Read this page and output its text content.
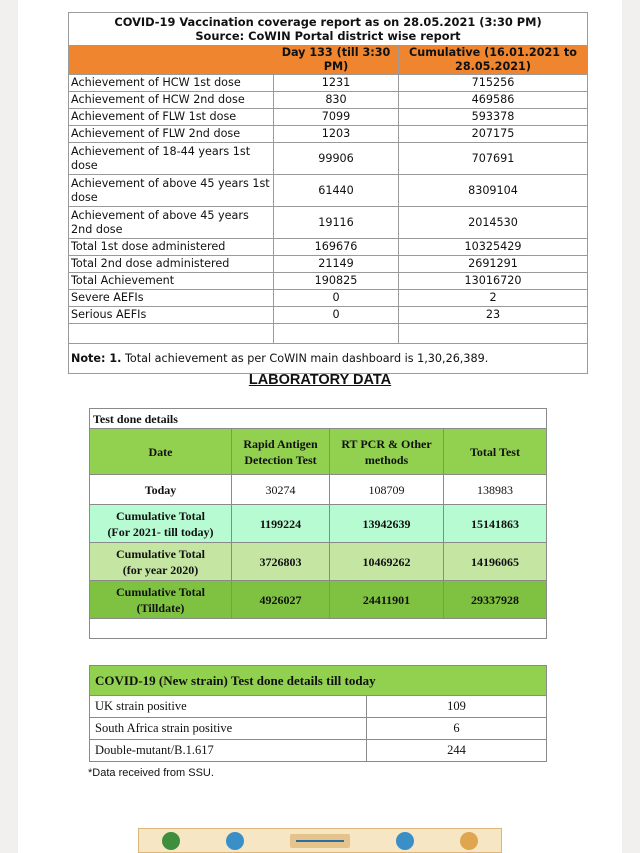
COVID-19 Vaccination coverage report as on 28.05.2021 (3:30 PM)
Source: CoWIN Portal district wise report		

	Day 133 (till 3:30 PM)	Cumulative (16.01.2021 to 28.05.2021)
Achievement of HCW 1st dose	1231	715256
Achievement of HCW 2nd dose	830	469586
Achievement of FLW 1st dose	7099	593378
Achievement of FLW 2nd dose	1203	207175
Achievement of 18-44 years 1st dose	99906	707691
Achievement of above 45 years 1st dose	61440	8309104
Achievement of above 45 years 2nd dose	19116	2014530
Total 1st dose administered	169676	10325429
Total 2nd dose administered	21149	2691291
Total Achievement	190825	13016720
Severe AEFIs	0	2
Serious AEFIs	0	23

Note: 1. Total achievement as per CoWIN main dashboard is 1,30,26,389.		
LABORATORY DATA
Test done details			
Date	Rapid Antigen Detection Test	RT PCR & Other methods	Total Test
Today	30274	108709	138983

Cumulative Total
(For 2021- till today)	1199224	13942639	15141863

Cumulative Total
(for year 2020)	3726803	10469262	14196065

Cumulative Total
(Tilldate)	4926027	24411901	29337928

COVID-19 (New strain) Test done details till today	
UK strain positive	109
South Africa strain positive	6
Double-mutant/B.1.617	244
*Data received from SSU.
